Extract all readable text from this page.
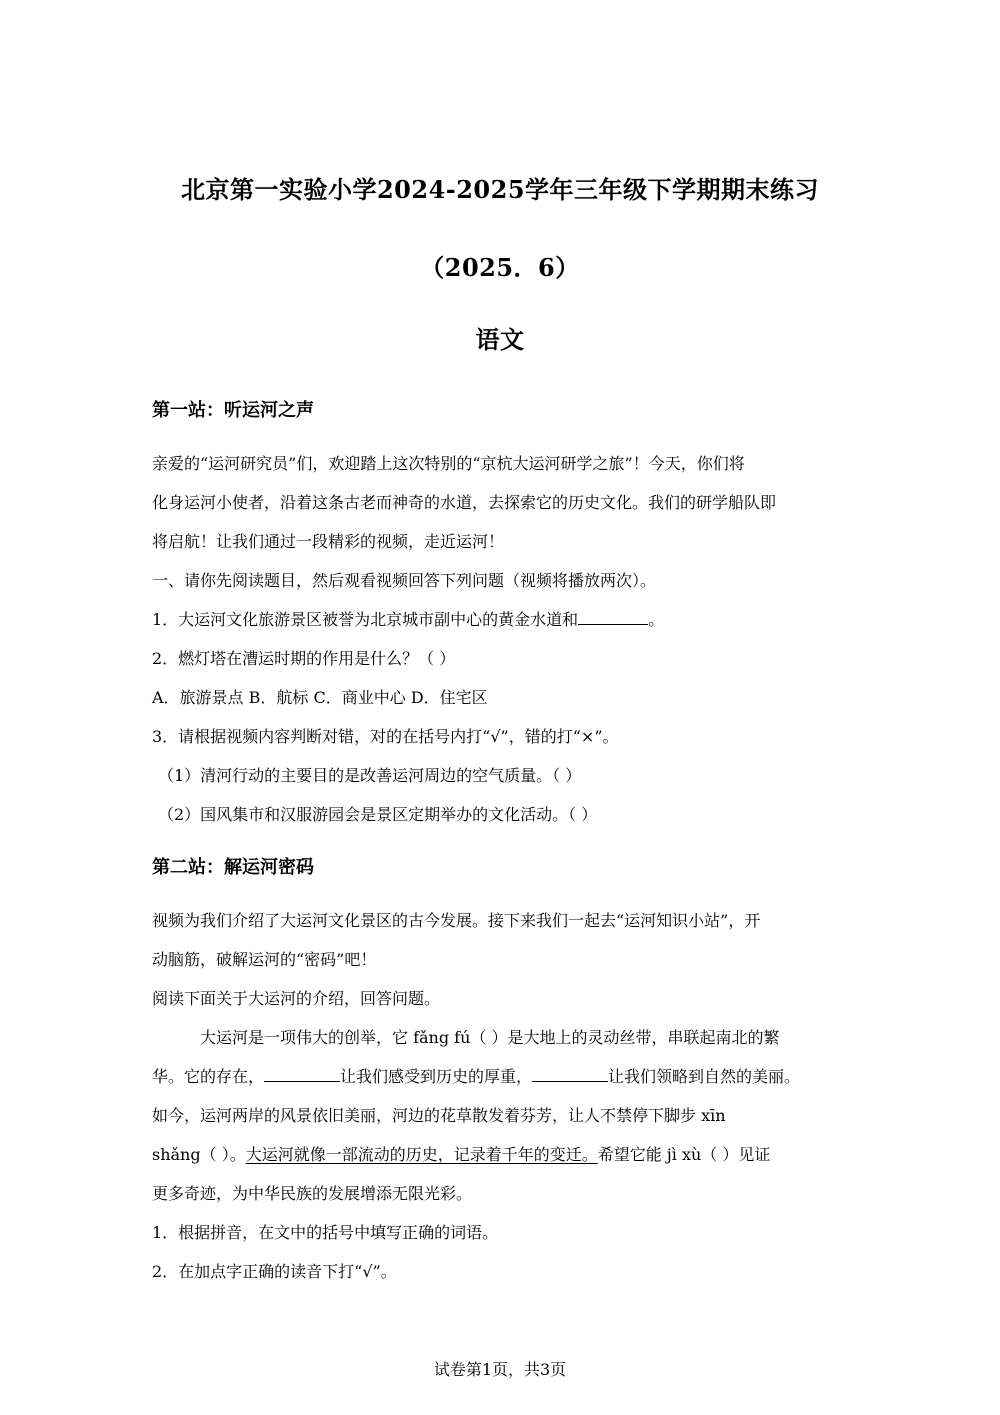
北京第一实验小学2024-2025学年三年级下学期期末练习
（2025．6）
语文
第一站：听运河之声
亲爱的“运河研究员”们，欢迎踏上这次特别的“京杭大运河研学之旅”！今天，你们将
化身运河小使者，沿着这条古老而神奇的水道，去探索它的历史文化。我们的研学船队即
将启航！让我们通过一段精彩的视频，走近运河！
一、请你先阅读题目，然后观看视频回答下列问题（视频将播放两次）。
1．大运河文化旅游景区被誉为北京城市副中心的黄金水道和	。
2．燃灯塔在漕运时期的作用是什么？（ ）
A．旅游景点 B．航标 C．商业中心 D．住宅区
3．请根据视频内容判断对错，对的在括号内打“√”，错的打“×”。
（1）清河行动的主要目的是改善运河周边的空气质量。（ ）
（2）国风集市和汉服游园会是景区定期举办的文化活动。（ ）
第二站：解运河密码
视频为我们介绍了大运河文化景区的古今发展。接下来我们一起去“运河知识小站”，开
动脑筋，破解运河的“密码”吧！
阅读下面关于大运河的介绍，回答问题。
大运河是一项伟大的创举，它 fǎng fú（ ）是大地上的灵动丝带，串联起南北的繁
华。它的存在，	让我们感受到历史的厚重，	让我们领略到自然的美丽。
如今，运河两岸的风景依旧美丽，河边的花草散发着芬芳，让人不禁停下脚步 xīn
shǎng（ ）。大运河就像一部流动的历史，记录着千年的变迁。希望它能 jì xù（ ）见证
更多奇迹，为中华民族的发展增添无限光彩。
1．根据拼音，在文中的括号中填写正确的词语。
2．在加点字正确的读音下打“√”。
试卷第1页，共3页
